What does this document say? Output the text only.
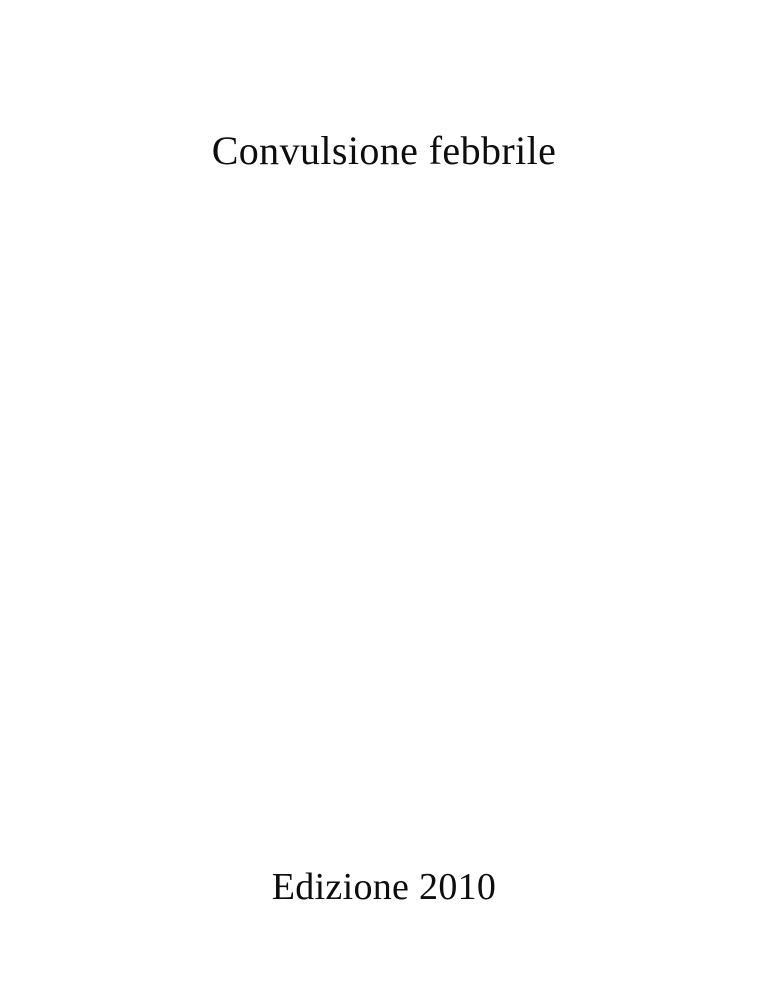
Convulsione febbrile
Edizione 2010
